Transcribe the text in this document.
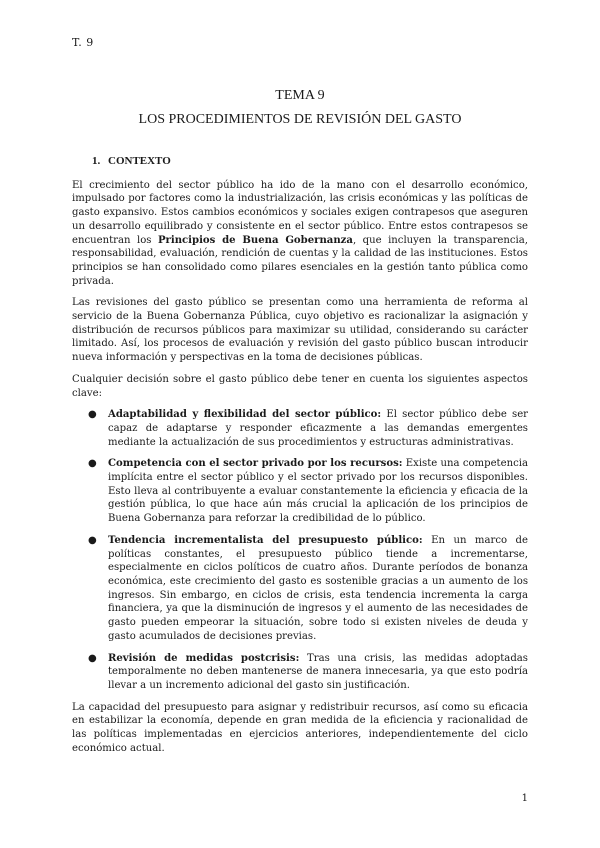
T. 9
TEMA 9
LOS PROCEDIMIENTOS DE REVISIÓN DEL GASTO
1. CONTEXTO

El crecimiento del sector público ha ido de la mano con el desarrollo económico, impulsado por factores como la industrialización, las crisis económicas y las políticas de gasto expansivo. Estos cambios económicos y sociales exigen contrapesos que aseguren un desarrollo equilibrado y consistente en el sector público. Entre estos contrapesos se encuentran los Principios de Buena Gobernanza, que incluyen la transparencia, responsabilidad, evaluación, rendición de cuentas y la calidad de las instituciones. Estos principios se han consolidado como pilares esenciales en la gestión tanto pública como privada.

Las revisiones del gasto público se presentan como una herramienta de reforma al servicio de la Buena Gobernanza Pública, cuyo objetivo es racionalizar la asignación y distribución de recursos públicos para maximizar su utilidad, considerando su carácter limitado. Así, los procesos de evaluación y revisión del gasto público buscan introducir nueva información y perspectivas en la toma de decisiones públicas.

Cualquier decisión sobre el gasto público debe tener en cuenta los siguientes aspectos clave:

● Adaptabilidad y flexibilidad del sector público: El sector público debe ser capaz de adaptarse y responder eficazmente a las demandas emergentes mediante la actualización de sus procedimientos y estructuras administrativas.
● Competencia con el sector privado por los recursos: Existe una competencia implícita entre el sector público y el sector privado por los recursos disponibles. Esto lleva al contribuyente a evaluar constantemente la eficiencia y eficacia de la gestión pública, lo que hace aún más crucial la aplicación de los principios de Buena Gobernanza para reforzar la credibilidad de lo público.
● Tendencia incrementalista del presupuesto público: En un marco de políticas constantes, el presupuesto público tiende a incrementarse, especialmente en ciclos políticos de cuatro años. Durante períodos de bonanza económica, este crecimiento del gasto es sostenible gracias a un aumento de los ingresos. Sin embargo, en ciclos de crisis, esta tendencia incrementa la carga financiera, ya que la disminución de ingresos y el aumento de las necesidades de gasto pueden empeorar la situación, sobre todo si existen niveles de deuda y gasto acumulados de decisiones previas.
● Revisión de medidas postcrisis: Tras una crisis, las medidas adoptadas temporalmente no deben mantenerse de manera innecesaria, ya que esto podría llevar a un incremento adicional del gasto sin justificación.

La capacidad del presupuesto para asignar y redistribuir recursos, así como su eficacia en estabilizar la economía, depende en gran medida de la eficiencia y racionalidad de las políticas implementadas en ejercicios anteriores, independientemente del ciclo económico actual.

1
